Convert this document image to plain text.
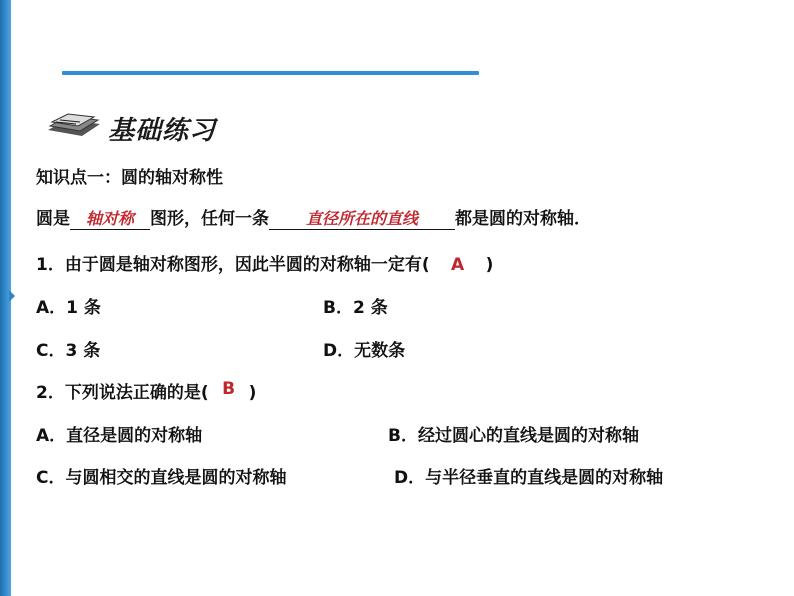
基础练习
知识点一：圆的轴对称性
圆是 轴对称 图形，任何一条 直径所在的直线 都是圆的对称轴．
1．由于圆是轴对称图形，因此半圆的对称轴一定有( A )
A．1 条	B．2 条
C．3 条	D．无数条
2．下列说法正确的是( B )
A．直径是圆的对称轴	B．经过圆心的直线是圆的对称轴
C．与圆相交的直线是圆的对称轴	D．与半径垂直的直线是圆的对称轴
